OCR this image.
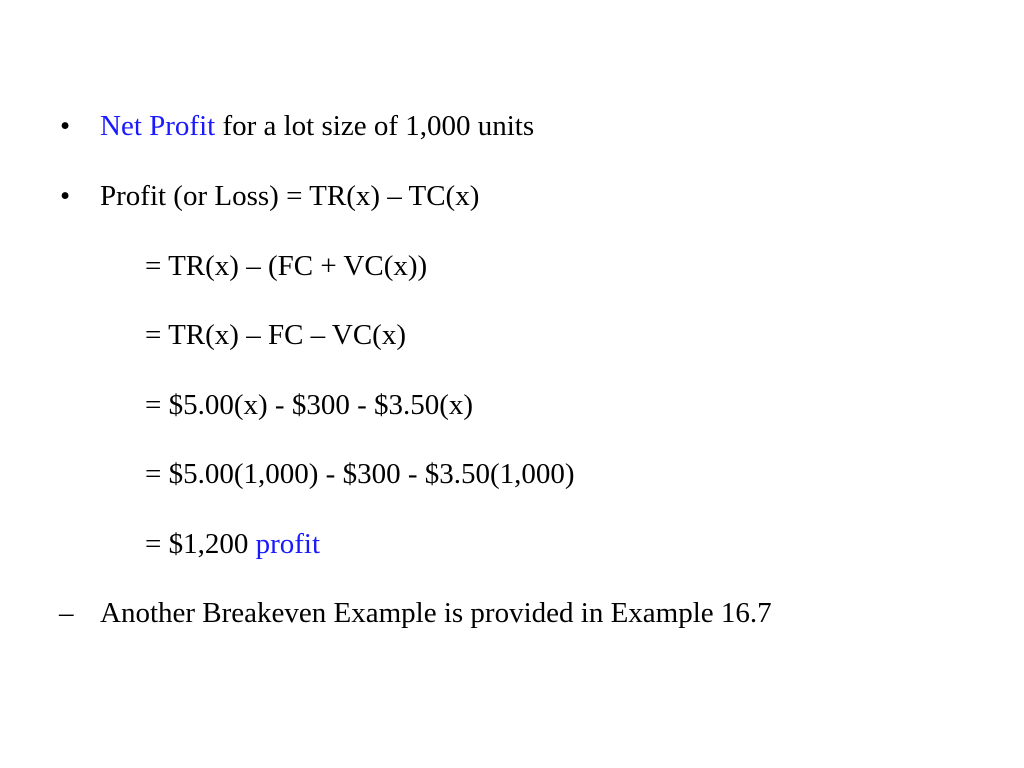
• Net Profit for a lot size of 1,000 units
• Profit (or Loss) = TR(x) – TC(x)
= TR(x) – (FC + VC(x))
= TR(x) – FC – VC(x)
= $5.00(x) - $300 - $3.50(x)
= $5.00(1,000) - $300 - $3.50(1,000)
= $1,200 profit
– Another Breakeven Example is provided in Example 16.7
